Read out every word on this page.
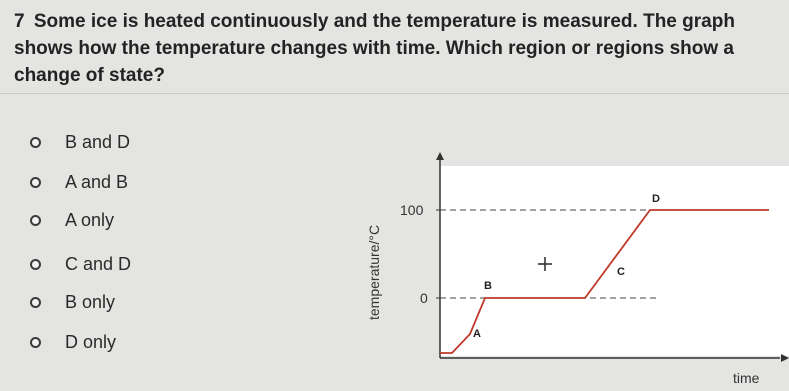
7 Some ice is heated continuously and the temperature is measured. The graph shows how the temperature changes with time. Which region or regions show a change of state?
B and D
A and B
A only
C and D
B only
D only
100
0
temperature/°C
time
A
B
C
D
